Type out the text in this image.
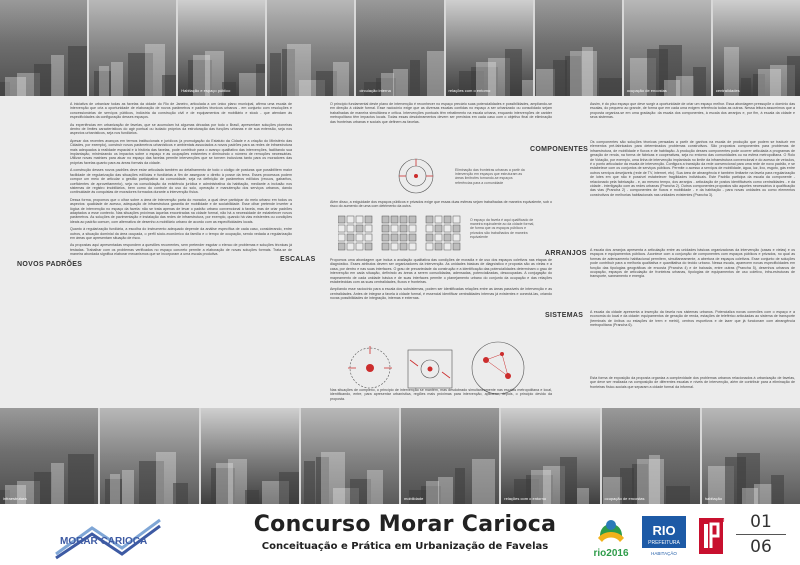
Habitação e espaço público	circulação interna	relações com o entorno	ocupação de encostas	centralidades

A iniciativa de urbanizar todas as favelas da cidade do Rio de Janeiro, articulada a um único plano municipal, afirma uma escala de intervenção que cria a oportunidade de elaboração de novos parâmetros e padrões técnicos urbanos - em conjunto com resoluções e concessionárias de serviços públicos, indústria da construção civil e de equipamentos de mobiliário e stock - que atendam às especificidades da configuração desses espaços.

As experiências em urbanização de favelas, que se acumulam há algumas décadas por todo o Brasil, apresentam soluções pioneiras dentro de limites característicos do agir pontual ou isolado próprios da estruturação das funções urbanas e de sua extensão, seja nos aspectos urbanísticos, seja nos fundiários.

Apesar dos recentes avanços em termos institucionais e jurídicos (a promulgação do Estatuto da Cidade e a criação do Ministério das Cidades, por exemplo), construir novos parâmetros urbanísticos e ambientais associados a novos padrões para as redes de infraestrutura mais adequados à realidade espacial e à história das favelas, pode contribuir para o avanço qualitativo das intervenções, facilitando sua implantação, minimizando os impactos sobre o espaço e as ocupações existentes e diminuindo o número de remoções necessárias. Utilizar novas matrizes para atuar no espaço das favelas permite intervenções que se tornem inclusivas tanto para os moradores das próprias favelas quanto para as áreas formais da cidade.

A construção desses novos padrões deve estar articulada também ao detalhamento de todo o código de posturas que possibilitem maior facilidade de regularização das situações edilícias e fundiárias a fim de assegurar o direito à posse da terra. Esses processos podem compor um meio de articular o gestão participativa da comunidade, seja na definição de parâmetros edilícios (recuos, gabaritos, coeficientes de aproveitamento), seja na consolidação da existência jurídica e administrativa da habitação, mediante a inclusão nos sistemas de registro imobiliários, bem como do controle do uso do solo, operação e manutenção dos serviços urbanos, dando continuidade às conquistas de moradores formados durante a intervenção física.

Dessa forma, propomos que o olhar sobre a área de intervenção parta do morador, a qual deve participar do meio urbano em todos os aspectos: qualidade de acesso, adequação de infraestrutura garantia de mobilidade e de sociabilidade. Esse olhar pretende inverter a lógica de intervenção no espaço da favela: não se trata apenas de levar o padrão urbano convencional à favela, mas de criar padrões adaptados a esse contexto. Nas situações próximas àquelas encontradas na cidade formal, não há a necessidade de estabelecer novos parâmetros. As soluções de pavimentação e instalação das redes de infraestrutura, por exemplo, quando há vias existentes ou condições ideais ao padrão comum, com alternativa de desenho a mobiliário urbano de acordo com as especificidades locais.

Quanto à regularização fundiária, a escolha do instrumento adequado depende da análise específica de cada caso, considerando, entre outros, a situação dominial da área ocupada, o perfil sócio-econômico da família e o tempo de ocupação, sendo vedada a regularização em áreas que apresentam situação de risco.

As propostas aqui apresentadas respondem a questões recorrentes, sem pretender esgotar o elenco de problemas e soluções técnicas já testadas. Trabalhar com os problemas verificados no espaço concreto permite a elaboração de novas soluções formais. Trata-se de maneira abordada significa elaborar mecanismos que se incorporam a uma escala produtiva.

NOVOS PADRÕES

O princípio fundamental deste plano de intervenção é reconhecer no espaço precário suas potencialidades e possibilidades, ampliando-se em direção à cidade formal. Esse raciocínio exige que as diversas escalas contidas no espaço a ser urbanizado ou consolidado sejam trabalhadas de maneira simultânea e crítica. Intervenções pontuais têm rebatimento na escala urbana, enquanto intervenções de caráter metropolitano têm impactos locais. Todas essas desdobramentos devem ser previstos em cada caso com o objetivo final de eliminação das fronteiras urbanas e sociais que definem as favelas.

Eliminação das fronteiras urbanas a partir da intervenção em espaços que estruturam as áreas limítrofes tornando-se espaços referências para a comunidade

Além disso, a exiguidade dos espaços públicos e privados exige que essas duas esferas sejam trabalhadas de maneira equivalente, sob o risco do aumento de uma com detrimento da outra.

O espaço da favela é aqui qualificado de maneira equivalente ao da cidade formal, de forma que os espaços públicos e privados são trabalhados de maneira equivalente
ESCALAS	Propomos uma abordagem que inclua a avaliação qualitativa das condições de moradia e de uso dos espaços coletivos nas etapas de diagnóstico. Esses atributos devem ser organizadores da intervenção. As unidades básicas de diagnóstico e proposta são as vielas e a casa, por dentro e nas suas interfaces. O grau de precariedade da construção e a identificação das potencialidades determinam o grau de intervenção em cada situação, definindo as áreas a serem consolidadas, adensadas, potencializadas, desocupadas. A conjugação do mapeamento de cada unidade básica e de suas interfaces permite o planejamento urbano do conjunto da ocupação e das relações estabelecidas com as suas centralidades, fluxos e fronteiras.

Ampliando esse raciocínio para a escala dos subsistemas, podem ser identificadas relações entre as áreas passíveis de intervenção e as centralidades. Antes de integrar a favela à cidade formal, é essencial identificar centralidades internas já existentes e conectá-las, criando novas possibilidades de integração, internas e externas.

Nas situações de complexo, o princípio de intervenção se mantém, mas desdobrado simultaneamente nas escalas metropolitana e local, identificando, entre, para apresentar urbanística, regiões mais próximas para intervenção, aplica-se, depois, o princípio devido da proposta.

Assim, é do piso espaço que deve surgir a oportunidade de criar um espaço melhor. Essa abordagem pressupõe o domínio das escalas, do pequeno ao grande, de forma que em cada uma exigem referência todas as outras. Nessa leitura assumimos que a proposta organiza-se em uma gradação: da escala dos componentes, à escala dos arranjos e, por fim, à escala da cidade e seus sistemas.

COMPONENTES

Os componentes são soluções técnicas pensadas a partir de ganhos na escala de produção que podem se traduzir em elementos pré-fabricados para determinados problemas construtivos. São propostos componentes para problemas de infraestrutura, de mobilidade e fluxos e de habitação. A produção desses componentes pode ocorrer articulada a programas de geração de renda, na forma de fábricas e cooperativas, seja no entorno das comunidades ou na esfera metropolitana. O Rolo de Votação, por exemplo, uma linha de intervenção implantada no limite da infraestrutura convencional e do acesso de veículos, é o ponto articulador da escala de intervenção. Configura a transição da rede convencional para uma rede de novo padrão, e se estabelece com os conjuntos de serviços públicos. Permite o acesso a serviços de mobilidade, água, luz, lixo, esgoto, gás entre outros serviços desejáveis (rede de TV, internet, etc). Sua área de abrangência é também limitante na favela para regularização de lotes em que não é possível estabelecer fragilidades individuais. Este Padrão participa da escala da componente - relacionado pela fabricação - e, ao mesmo tempo, dos arranjos - articulação de postos identificáveis como centralidades - e da cidade - interligação com as redes urbanas (Prancha 2). Outros componentes propostos são aqueles necessários à qualificação das vias (Prancha 2) - componentes de fluxos e mobilidade - e da habitação - para novas unidades ou como elementos construtivos de melhorias habitacionais nas unidades existentes (Prancha 3).

ARRANJOS A escala dos arranjos apresenta a articulação entre as unidades básicas organizadoras da intervenção (casas e vielas) e os espaços e equipamentos públicos. Acontece com a conjunção de componentes com espaços públicos e privados, no qual as formas de adensamento habitacional permitem, simultaneamente, a abertura de espaços coletivos. Esse conjunto de soluções pode contribuir para a melhoria qualitativa e quantitativa do tecido urbano. Nessa escala, aparecem novas especificidades em função das tipologias geográficas de encosta (Prancha 4) e de baixada, entre outras (Prancha 5), desenhos urbanos de ocupação, espaços de articulação de fronteiras urbanas, tipologias de equipamentos de uso coletivo, infra-estruturas de transporte, saneamento e energia.

SISTEMAS A escala da cidade apresenta a inserção da favela nos sistemas urbanos. Potencializa novas conexões com o espaço e a economia do local e da cidade: equipamentos de geração de renda, estações de teleférico articuladas ao sistema de transporte (terminais de ônibus ou estações de trem e metrô), centros esportivos e de lazer que já funcionam com abrangência metropolitana (Prancha 6).

Esta forma de exposição da proposta organiza a complexidade dos problemas urbanos relacionados à urbanização de favelas, que deve ser realizada na composição de diferentes escalas e níveis de intervenção, além de contribuir para a eliminação de fronteiras físico-sociais que separam a cidade formal da informal.

infraestrutura	mobilidade	relações com o entorno	ocupação de encostas	habitação
MORAR CARIOCA
Concurso Morar Carioca
Conceituação e Prática em Urbanização de Favelas
rio2016
RIO
PREFEITURA
HABITAÇÃO
RJ	01
06
